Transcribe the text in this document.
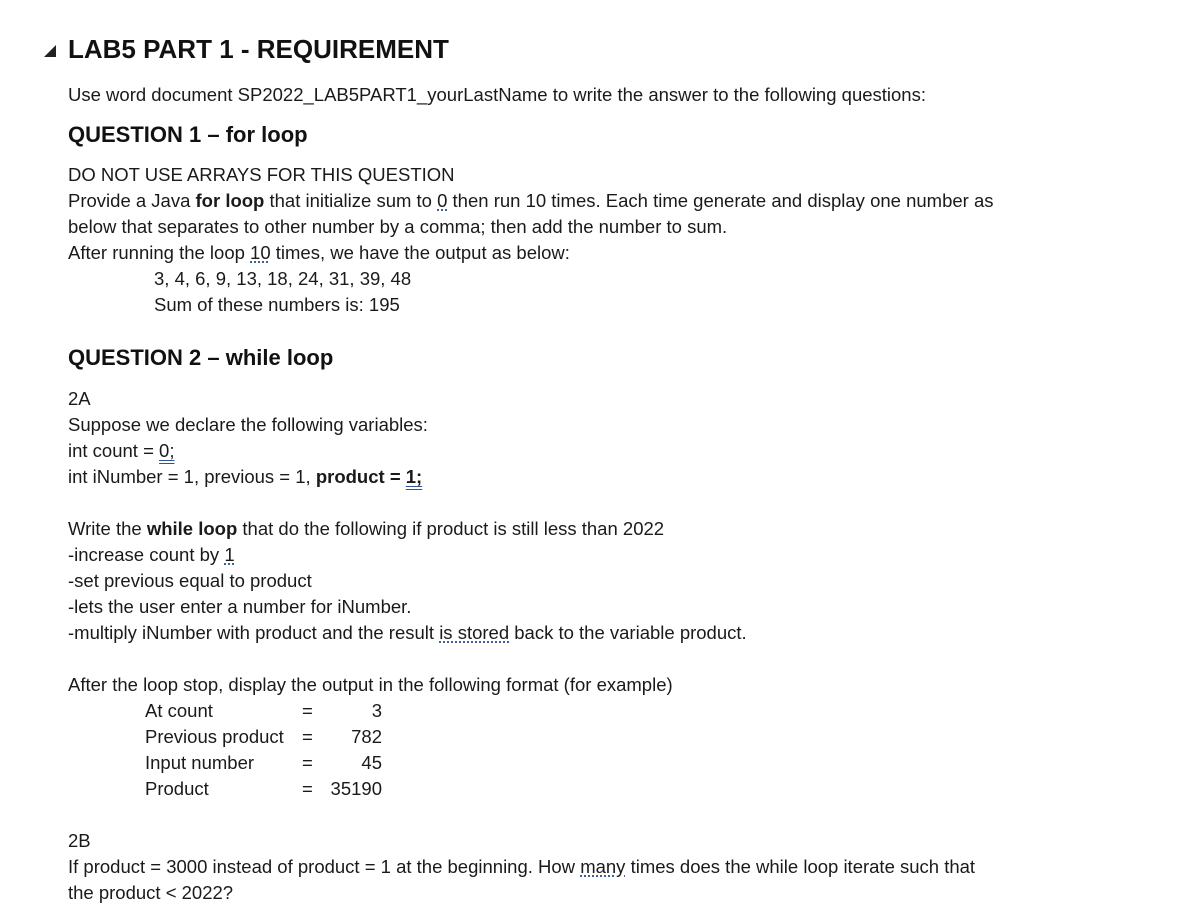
LAB5 PART 1 - REQUIREMENT
Use word document SP2022_LAB5PART1_yourLastName to write the answer to the following questions:
QUESTION 1 – for loop
DO NOT USE ARRAYS FOR THIS QUESTION
Provide a Java for loop that initialize sum to 0 then run 10 times. Each time generate and display one number as
below that separates to other number by a comma; then add the number to sum.
After running the loop 10 times, we have the output as below:
3, 4, 6, 9, 13, 18, 24, 31, 39, 48
Sum of these numbers is: 195
QUESTION 2 – while loop
2A
Suppose we declare the following variables:
int count = 0;
int iNumber = 1, previous = 1, product = 1;
Write the while loop that do the following if product is still less than 2022
-increase count by 1
-set previous equal to product
-lets the user enter a number for iNumber.
-multiply iNumber with product and the result is stored back to the variable product.
After the loop stop, display the output in the following format (for example)
At count	=	3
Previous product = 782
Input number	=	45
Product	= 35190
2B
If product = 3000 instead of product = 1 at the beginning. How many times does the while loop iterate such that
the product < 2022?
